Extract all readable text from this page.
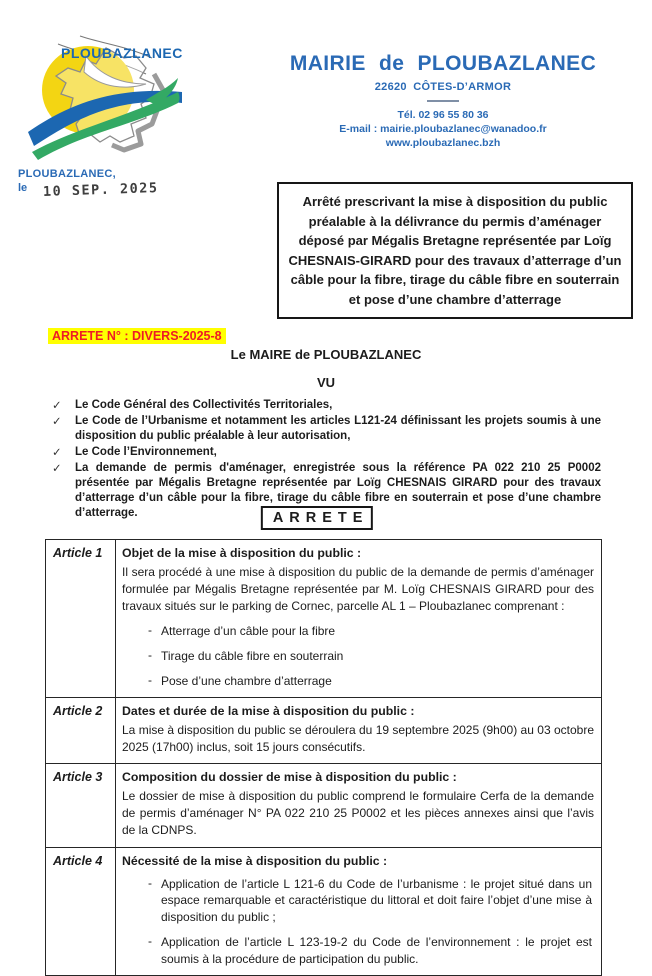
PLOUBAZLANEC
PLOUBAZLANEC,
le 10 SEP. 2025
MAIRIE de PLOUBAZLANEC
22620 CÔTES-D’ARMOR
Tél. 02 96 55 80 36
E-mail : mairie.ploubazlanec@wanadoo.fr
www.ploubazlanec.bzh
Arrêté prescrivant la mise à disposition du public préalable à la délivrance du permis d’aménager déposé par Mégalis Bretagne représentée par Loïg CHESNAIS-GIRARD pour des travaux d’atterrage d’un câble pour la fibre, tirage du câble fibre en souterrain et pose d’une chambre d’atterrage
ARRETE N° : DIVERS-2025-8
Le MAIRE de PLOUBAZLANEC
VU
✓	Le Code Général des Collectivités Territoriales,
✓	Le Code de l’Urbanisme et notamment les articles L121-24 définissant les projets soumis à une disposition du public préalable à leur autorisation,
✓	Le Code l’Environnement,
✓	La demande de permis d'aménager, enregistrée sous la référence PA 022 210 25 P0002 présentée par Mégalis Bretagne représentée par Loïg CHESNAIS GIRARD pour des travaux d’atterrage d’un câble pour la fibre, tirage du câble fibre en souterrain et pose d’une chambre d’atterrage.	ARRETE
Article 1	Objet de la mise à disposition du public :

Il sera procédé à une mise à disposition du public de la demande de permis d’aménager formulée par Mégalis Bretagne représentée par M. Loïg CHESNAIS GIRARD pour des travaux situés sur le parking de Cornec, parcelle AL 1 – Ploubazlanec comprenant :

- Atterrage d’un câble pour la fibre
- Tirage du câble fibre en souterrain
- Pose d’une chambre d’atterrage

Article 2	Dates et durée de la mise à disposition du public :

La mise à disposition du public se déroulera du 19 septembre 2025 (9h00) au 03 octobre 2025 (17h00) inclus, soit 15 jours consécutifs.

Article 3	Composition du dossier de mise à disposition du public :

Le dossier de mise à disposition du public comprend le formulaire Cerfa de la demande de permis d’aménager N° PA 022 210 25 P0002 et les pièces annexes ainsi que l’avis de la CDNPS.

Article 4	Nécessité de la mise à disposition du public :
- Application de l’article L 121-6 du Code de l’urbanisme : le projet situé dans un espace remarquable et caractéristique du littoral et doit faire l’objet d’une mise à disposition du public ;
- Application de l’article L 123-19-2 du Code de l’environnement : le projet est soumis à la procédure de participation du public.
